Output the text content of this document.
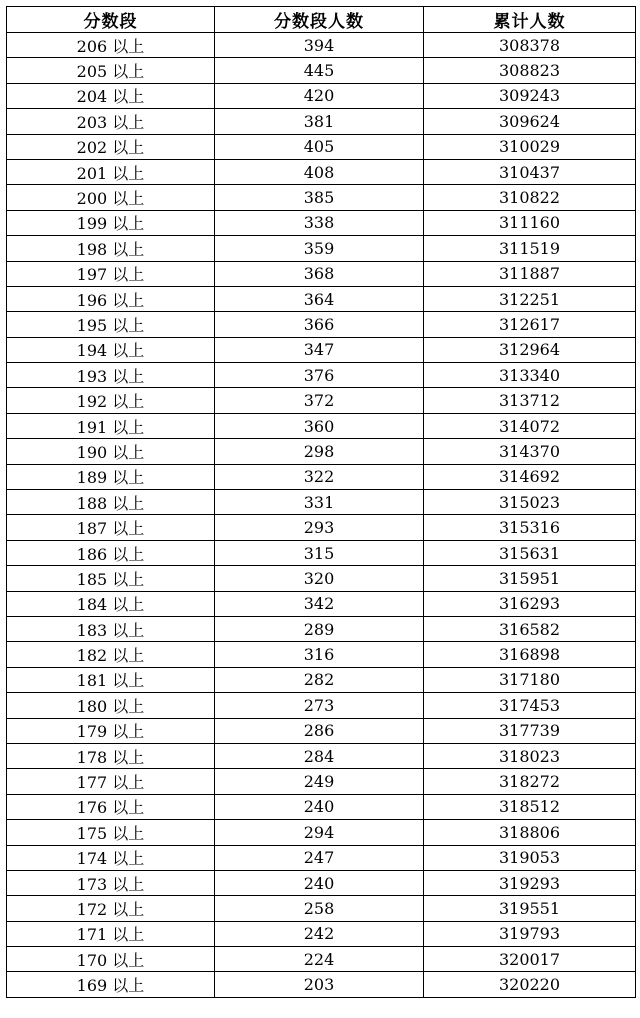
分数段	分数段人数	累计人数
206 以上	394	308378
205 以上	445	308823
204 以上	420	309243
203 以上	381	309624
202 以上	405	310029
201 以上	408	310437
200 以上	385	310822
199 以上	338	311160
198 以上	359	311519
197 以上	368	311887
196 以上	364	312251
195 以上	366	312617
194 以上	347	312964
193 以上	376	313340
192 以上	372	313712
191 以上	360	314072
190 以上	298	314370
189 以上	322	314692
188 以上	331	315023
187 以上	293	315316
186 以上	315	315631
185 以上	320	315951
184 以上	342	316293
183 以上	289	316582
182 以上	316	316898
181 以上	282	317180
180 以上	273	317453
179 以上	286	317739
178 以上	284	318023
177 以上	249	318272
176 以上	240	318512
175 以上	294	318806
174 以上	247	319053
173 以上	240	319293
172 以上	258	319551
171 以上	242	319793
170 以上	224	320017
169 以上	203	320220
